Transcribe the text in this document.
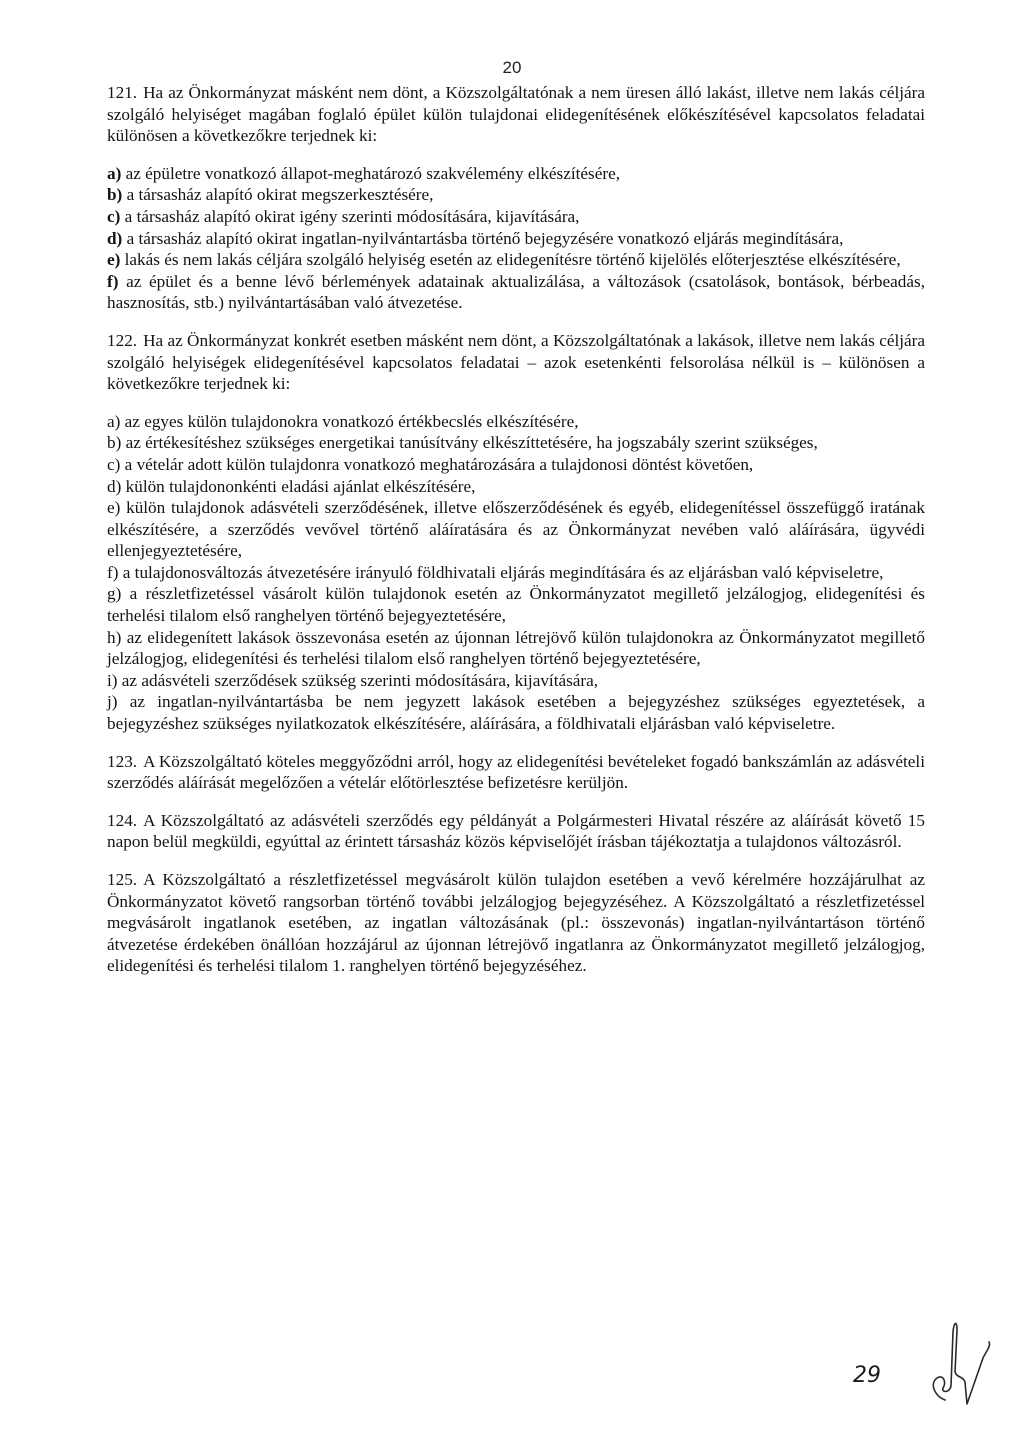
20

121. Ha az Önkormányzat másként nem dönt, a Közszolgáltatónak a nem üresen álló lakást, illetve nem lakás céljára szolgáló helyiséget magában foglaló épület külön tulajdonai elidegenítésének előkészítésével kapcsolatos feladatai különösen a következőkre terjednek ki:

a) az épületre vonatkozó állapot-meghatározó szakvélemény elkészítésére,

b) a társasház alapító okirat megszerkesztésére,

c) a társasház alapító okirat igény szerinti módosítására, kijavítására,

d) a társasház alapító okirat ingatlan-nyilvántartásba történő bejegyzésére vonatkozó eljárás megindítására,

e) lakás és nem lakás céljára szolgáló helyiség esetén az elidegenítésre történő kijelölés előterjesztése elkészítésére,

f) az épület és a benne lévő bérlemények adatainak aktualizálása, a változások (csatolások, bontások, bérbeadás, hasznosítás, stb.) nyilvántartásában való átvezetése.

122. Ha az Önkormányzat konkrét esetben másként nem dönt, a Közszolgáltatónak a lakások, illetve nem lakás céljára szolgáló helyiségek elidegenítésével kapcsolatos feladatai – azok esetenkénti felsorolása nélkül is – különösen a következőkre terjednek ki:

a) az egyes külön tulajdonokra vonatkozó értékbecslés elkészítésére,

b) az értékesítéshez szükséges energetikai tanúsítvány elkészíttetésére, ha jogszabály szerint szükséges,

c) a vételár adott külön tulajdonra vonatkozó meghatározására a tulajdonosi döntést követően,

d) külön tulajdononkénti eladási ajánlat elkészítésére,

e) külön tulajdonok adásvételi szerződésének, illetve előszerződésének és egyéb, elidegenítéssel összefüggő iratának elkészítésére, a szerződés vevővel történő aláíratására és az Önkormányzat nevében való aláírására, ügyvédi ellenjegyeztetésére,

f) a tulajdonosváltozás átvezetésére irányuló földhivatali eljárás megindítására és az eljárásban való képviseletre,

g) a részletfizetéssel vásárolt külön tulajdonok esetén az Önkormányzatot megillető jelzálogjog, elidegenítési és terhelési tilalom első ranghelyen történő bejegyeztetésére,

h) az elidegenített lakások összevonása esetén az újonnan létrejövő külön tulajdonokra az Önkormányzatot megillető jelzálogjog, elidegenítési és terhelési tilalom első ranghelyen történő bejegyeztetésére,

i) az adásvételi szerződések szükség szerinti módosítására, kijavítására,

j) az ingatlan-nyilvántartásba be nem jegyzett lakások esetében a bejegyzéshez szükséges egyeztetések, a bejegyzéshez szükséges nyilatkozatok elkészítésére, aláírására, a földhivatali eljárásban való képviseletre.

123. A Közszolgáltató köteles meggyőződni arról, hogy az elidegenítési bevételeket fogadó bankszámlán az adásvételi szerződés aláírását megelőzően a vételár előtörlesztése befizetésre kerüljön.

124. A Közszolgáltató az adásvételi szerződés egy példányát a Polgármesteri Hivatal részére az aláírását követő 15 napon belül megküldi, egyúttal az érintett társasház közös képviselőjét írásban tájékoztatja a tulajdonos változásról.

125. A Közszolgáltató a részletfizetéssel megvásárolt külön tulajdon esetében a vevő kérelmére hozzájárulhat az Önkormányzatot követő rangsorban történő további jelzálogjog bejegyzéséhez. A Közszolgáltató a részletfizetéssel megvásárolt ingatlanok esetében, az ingatlan változásának (pl.: összevonás) ingatlan-nyilvántartáson történő átvezetése érdekében önállóan hozzájárul az újonnan létrejövő ingatlanra az Önkormányzatot megillető jelzálogjog, elidegenítési és terhelési tilalom 1. ranghelyen történő bejegyzéséhez.

29
